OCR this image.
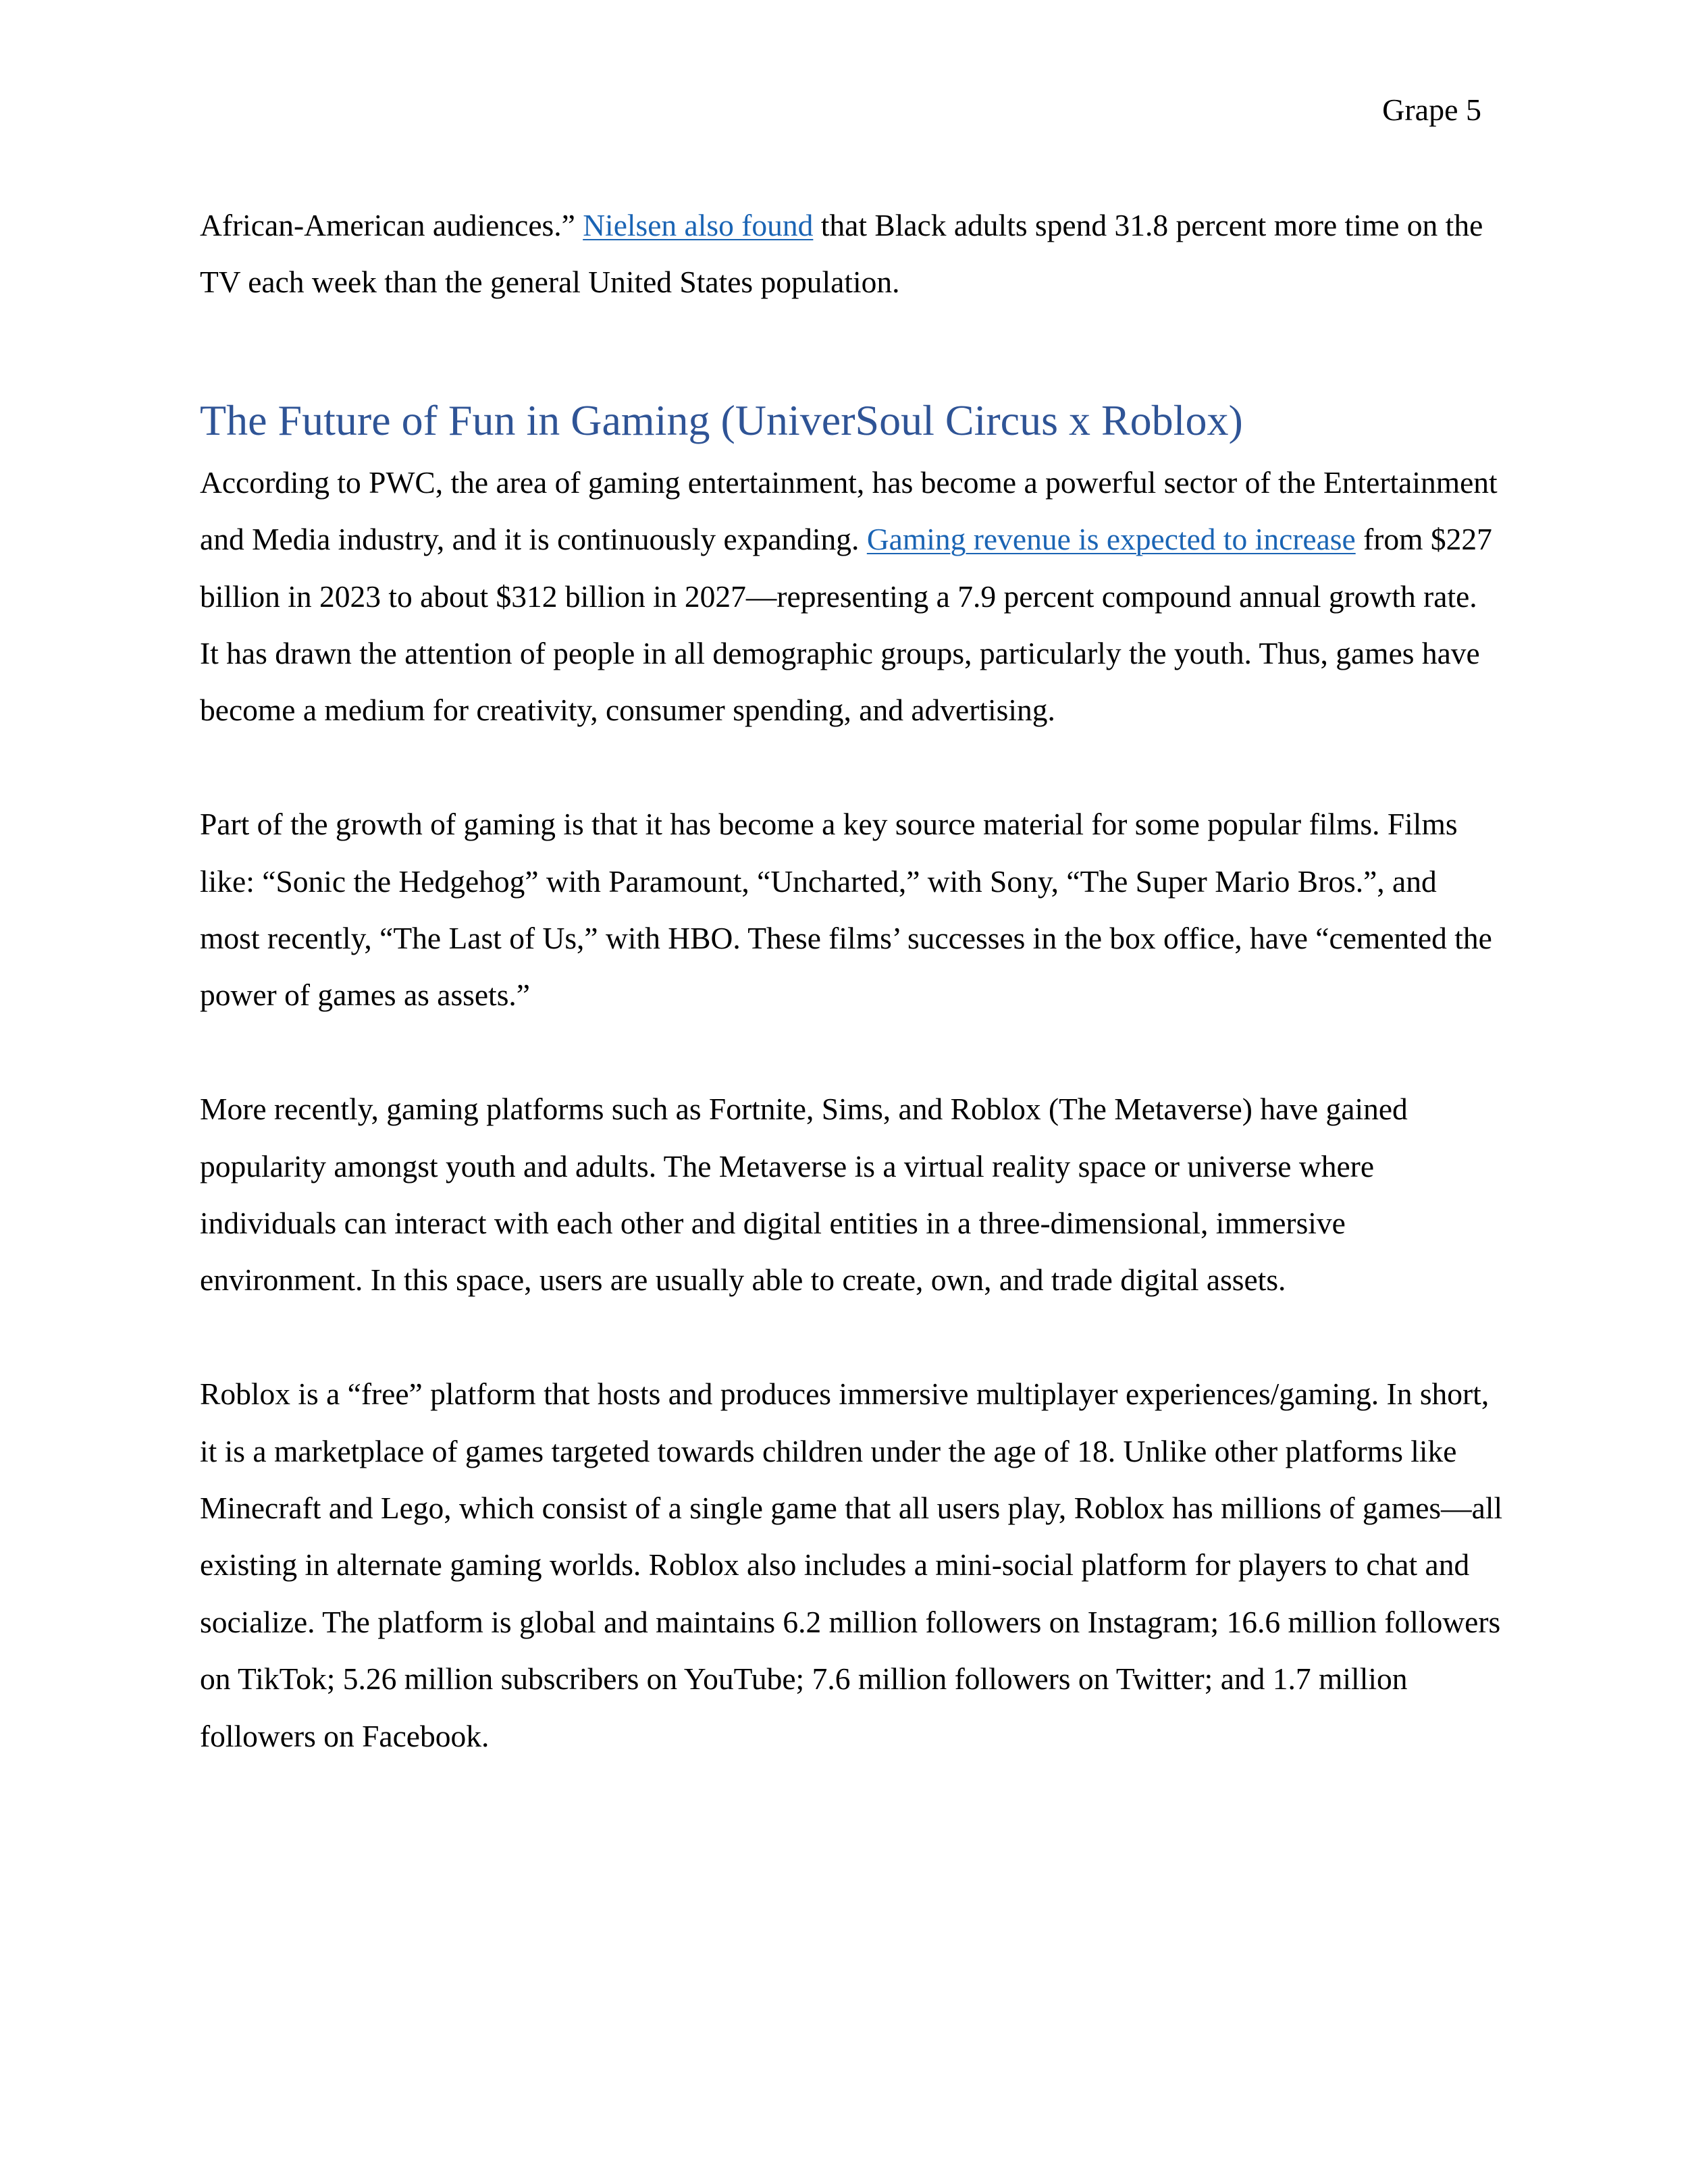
Grape 5

African-American audiences.” Nielsen also found that Black adults spend 31.8 percent more time on the TV each week than the general United States population.

The Future of Fun in Gaming (UniverSoul Circus x Roblox)

According to PWC, the area of gaming entertainment, has become a powerful sector of the Entertainment and Media industry, and it is continuously expanding. Gaming revenue is expected to increase from $227 billion in 2023 to about $312 billion in 2027—representing a 7.9 percent compound annual growth rate. It has drawn the attention of people in all demographic groups, particularly the youth. Thus, games have become a medium for creativity, consumer spending, and advertising.

Part of the growth of gaming is that it has become a key source material for some popular films. Films like: “Sonic the Hedgehog” with Paramount, “Uncharted,” with Sony, “The Super Mario Bros.”, and most recently, “The Last of Us,” with HBO. These films’ successes in the box office, have “cemented the power of games as assets.”

More recently, gaming platforms such as Fortnite, Sims, and Roblox (The Metaverse) have gained popularity amongst youth and adults. The Metaverse is a virtual reality space or universe where individuals can interact with each other and digital entities in a three-dimensional, immersive environment. In this space, users are usually able to create, own, and trade digital assets.

Roblox is a “free” platform that hosts and produces immersive multiplayer experiences/gaming. In short, it is a marketplace of games targeted towards children under the age of 18. Unlike other platforms like Minecraft and Lego, which consist of a single game that all users play, Roblox has millions of games—all existing in alternate gaming worlds. Roblox also includes a mini-social platform for players to chat and socialize. The platform is global and maintains 6.2 million followers on Instagram; 16.6 million followers on TikTok; 5.26 million subscribers on YouTube; 7.6 million followers on Twitter; and 1.7 million followers on Facebook.
